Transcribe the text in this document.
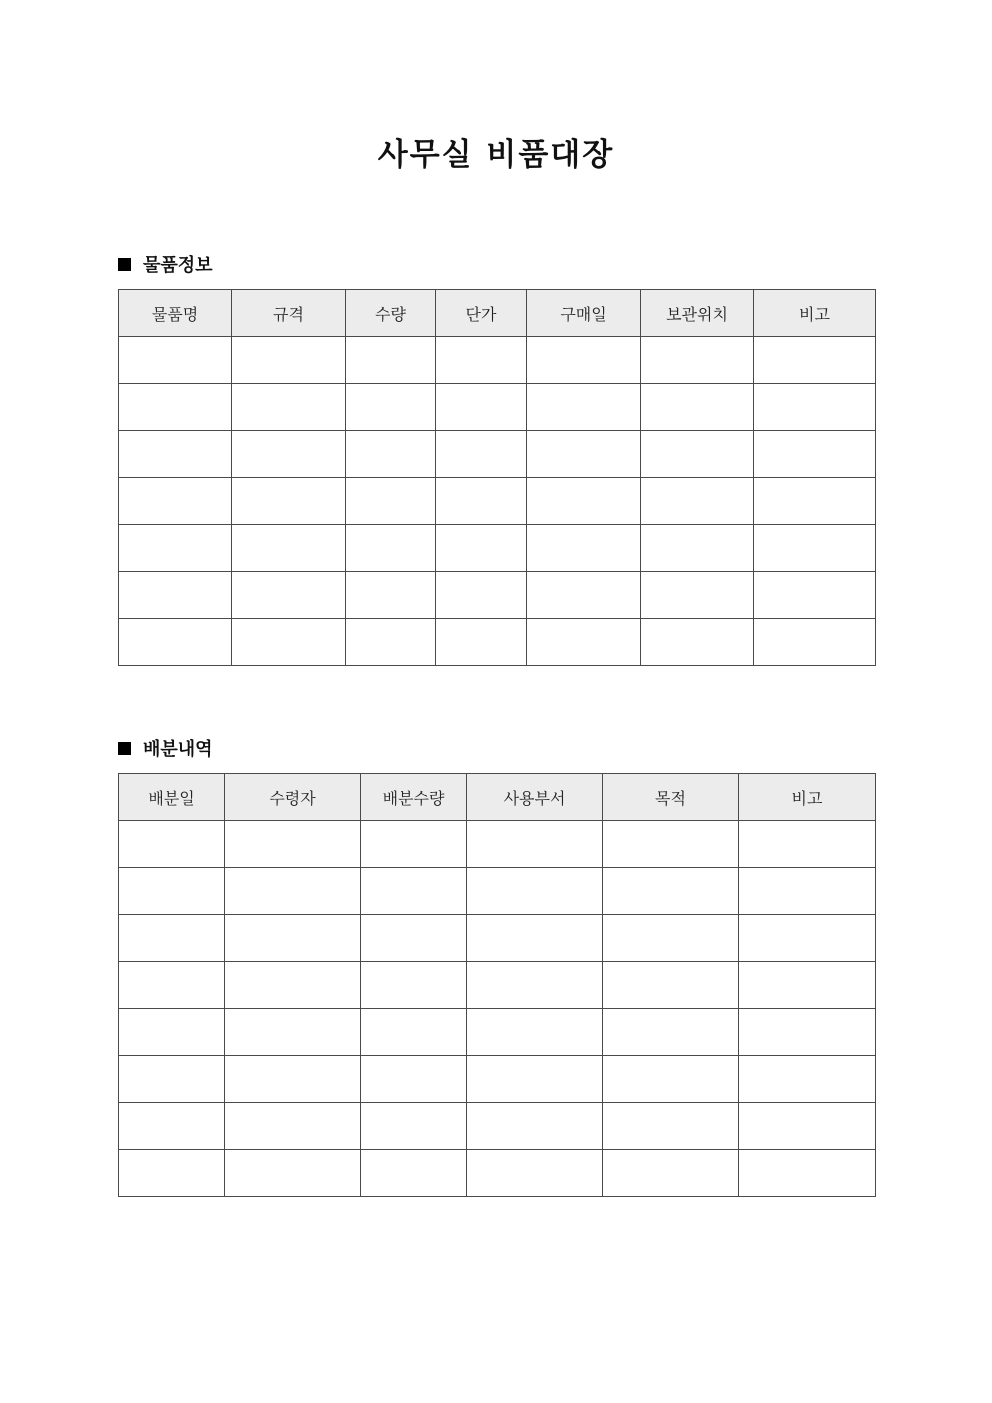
사무실 비품대장
물품정보
물품명	규격	수량	단가	구매일	보관위치	비고

배분내역
배분일	수령자	배분수량	사용부서	목적	비고
